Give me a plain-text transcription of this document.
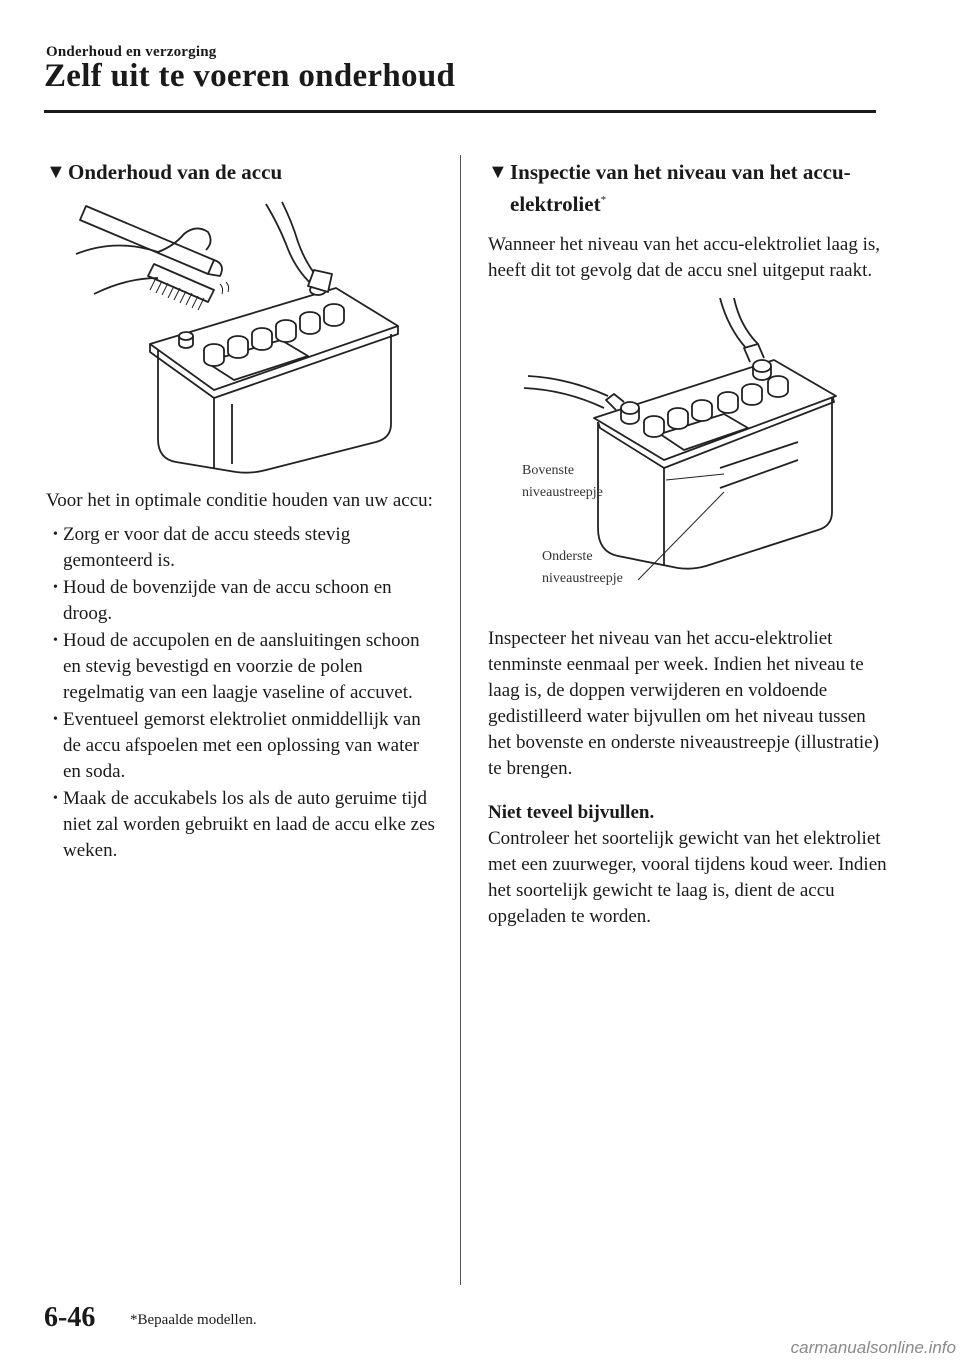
Onderhoud en verzorging
Zelf uit te voeren onderhoud
▼ Onderhoud van de accu

Voor het in optimale conditie houden van uw accu:

• Zorg er voor dat de accu steeds stevig gemonteerd is.
• Houd de bovenzijde van de accu schoon en droog.
• Houd de accupolen en de aansluitingen schoon en stevig bevestigd en voorzie de polen regelmatig van een laagje vaseline of accuvet.
• Eventueel gemorst elektroliet onmiddellijk van de accu afspoelen met een oplossing van water en soda.
• Maak de accukabels los als de auto geruime tijd niet zal worden gebruikt en laad de accu elke zes weken.
▼ Inspectie van het niveau van het accu-elektroliet*

Wanneer het niveau van het accu-elektroliet laag is, heeft dit tot gevolg dat de accu snel uitgeput raakt.

Bovenste
niveaustreepje
Onderste
niveaustreepje

Inspecteer het niveau van het accu-elektroliet tenminste eenmaal per week. Indien het niveau te laag is, de doppen verwijderen en voldoende gedistilleerd water bijvullen om het niveau tussen het bovenste en onderste niveaustreepje (illustratie) te brengen.

Niet teveel bijvullen.

Controleer het soortelijk gewicht van het elektroliet met een zuurweger, vooral tijdens koud weer. Indien het soortelijk gewicht te laag is, dient de accu opgeladen te worden.

6-46 *Bepaalde modellen.
carmanualsonline.info
